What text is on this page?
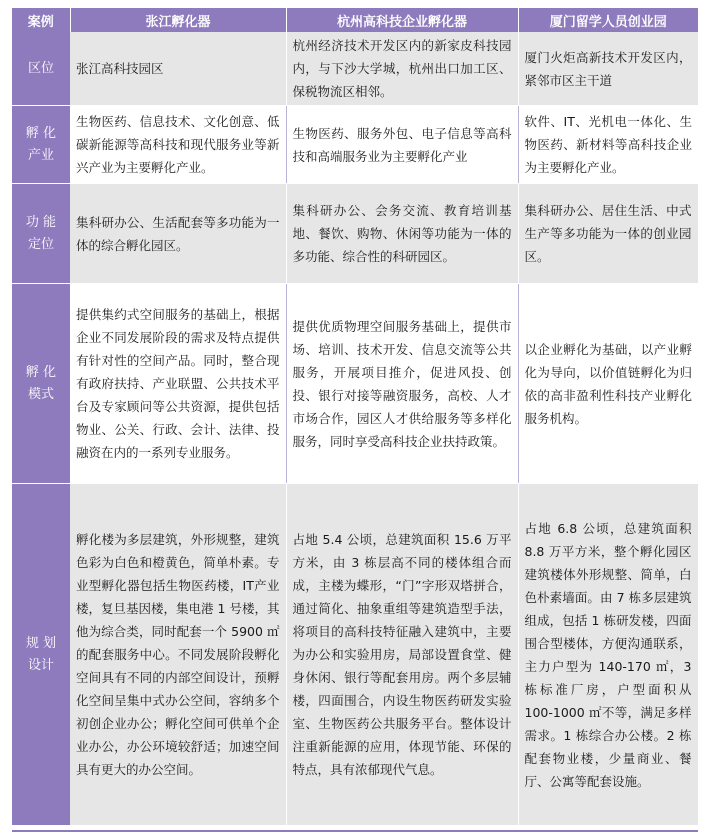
案例	张江孵化器	杭州高科技企业孵化器	厦门留学人员创业园

区位	张江高科技园区	杭州经济技术开发区内的新家皮科技园内，与下沙大学城，杭州出口加工区、保税物流区相邻。	厦门火炬高新技术开发区内，紧邻市区主干道

孵 化
产业	生物医药、信息技术、文化创意、低碳新能源等高科技和现代服务业等新兴产业为主要孵化产业。	生物医药、服务外包、电子信息等高科技和高端服务业为主要孵化产业	软件、IT、光机电一体化、生物医药、新材料等高科技企业为主要孵化产业。

功 能
定位	集科研办公、生活配套等多功能为一体的综合孵化园区。	集科研办公、会务交流、教育培训基地、餐饮、购物、休闲等功能为一体的多功能、综合性的科研园区。	集科研办公、居住生活、中式生产等多功能为一体的创业园区。

孵 化
模式	提供集约式空间服务的基础上，根据企业不同发展阶段的需求及特点提供有针对性的空间产品。同时，整合现有政府扶持、产业联盟、公共技术平台及专家顾问等公共资源，提供包括物业、公关、行政、会计、法律、投融资在内的一系列专业服务。	提供优质物理空间服务基础上，提供市场、培训、技术开发、信息交流等公共服务，开展项目推介，促进风投、创投、银行对接等融资服务，高校、人才市场合作，园区人才供给服务等多样化服务，同时享受高科技企业扶持政策。	以企业孵化为基础，以产业孵化为导向，以价值链孵化为归依的高非盈利性科技产业孵化服务机构。

规 划
设计	孵化楼为多层建筑，外形规整，建筑色彩为白色和橙黄色，简单朴素。专业型孵化器包括生物医药楼，IT产业楼，复旦基因楼，集电港 1 号楼，其他为综合类，同时配套一个 5900 ㎡的配套服务中心。不同发展阶段孵化空间具有不同的内部空间设计，预孵化空间呈集中式办公空间，容纳多个初创企业办公；孵化空间可供单个企业办公，办公环境较舒适；加速空间具有更大的办公空间。	占地 5.4 公顷，总建筑面积 15.6 万平方米，由 3 栋层高不同的楼体组合而成，主楼为蝶形，“门”字形双塔拼合，通过简化、抽象重组等建筑造型手法，将项目的高科技特征融入建筑中，主要为办公和实验用房，局部设置食堂、健身休闲、银行等配套用房。两个多层辅楼，四面围合，内设生物医药研发实验室、生物医药公共服务平台。整体设计注重新能源的应用，体现节能、环保的特点，具有浓郁现代气息。	占地 6.8 公顷，总建筑面积 8.8 万平方米，整个孵化园区建筑楼体外形规整、简单，白色朴素墙面。由 7 栋多层建筑组成，包括 1 栋研发楼，四面围合型楼体，方便沟通联系，主力户型为 140-170 ㎡，3 栋标准厂房，户型面积从 100-1000 ㎡不等，满足多样需求。1 栋综合办公楼。2 栋配套物业楼，少量商业、餐厅、公寓等配套设施。
